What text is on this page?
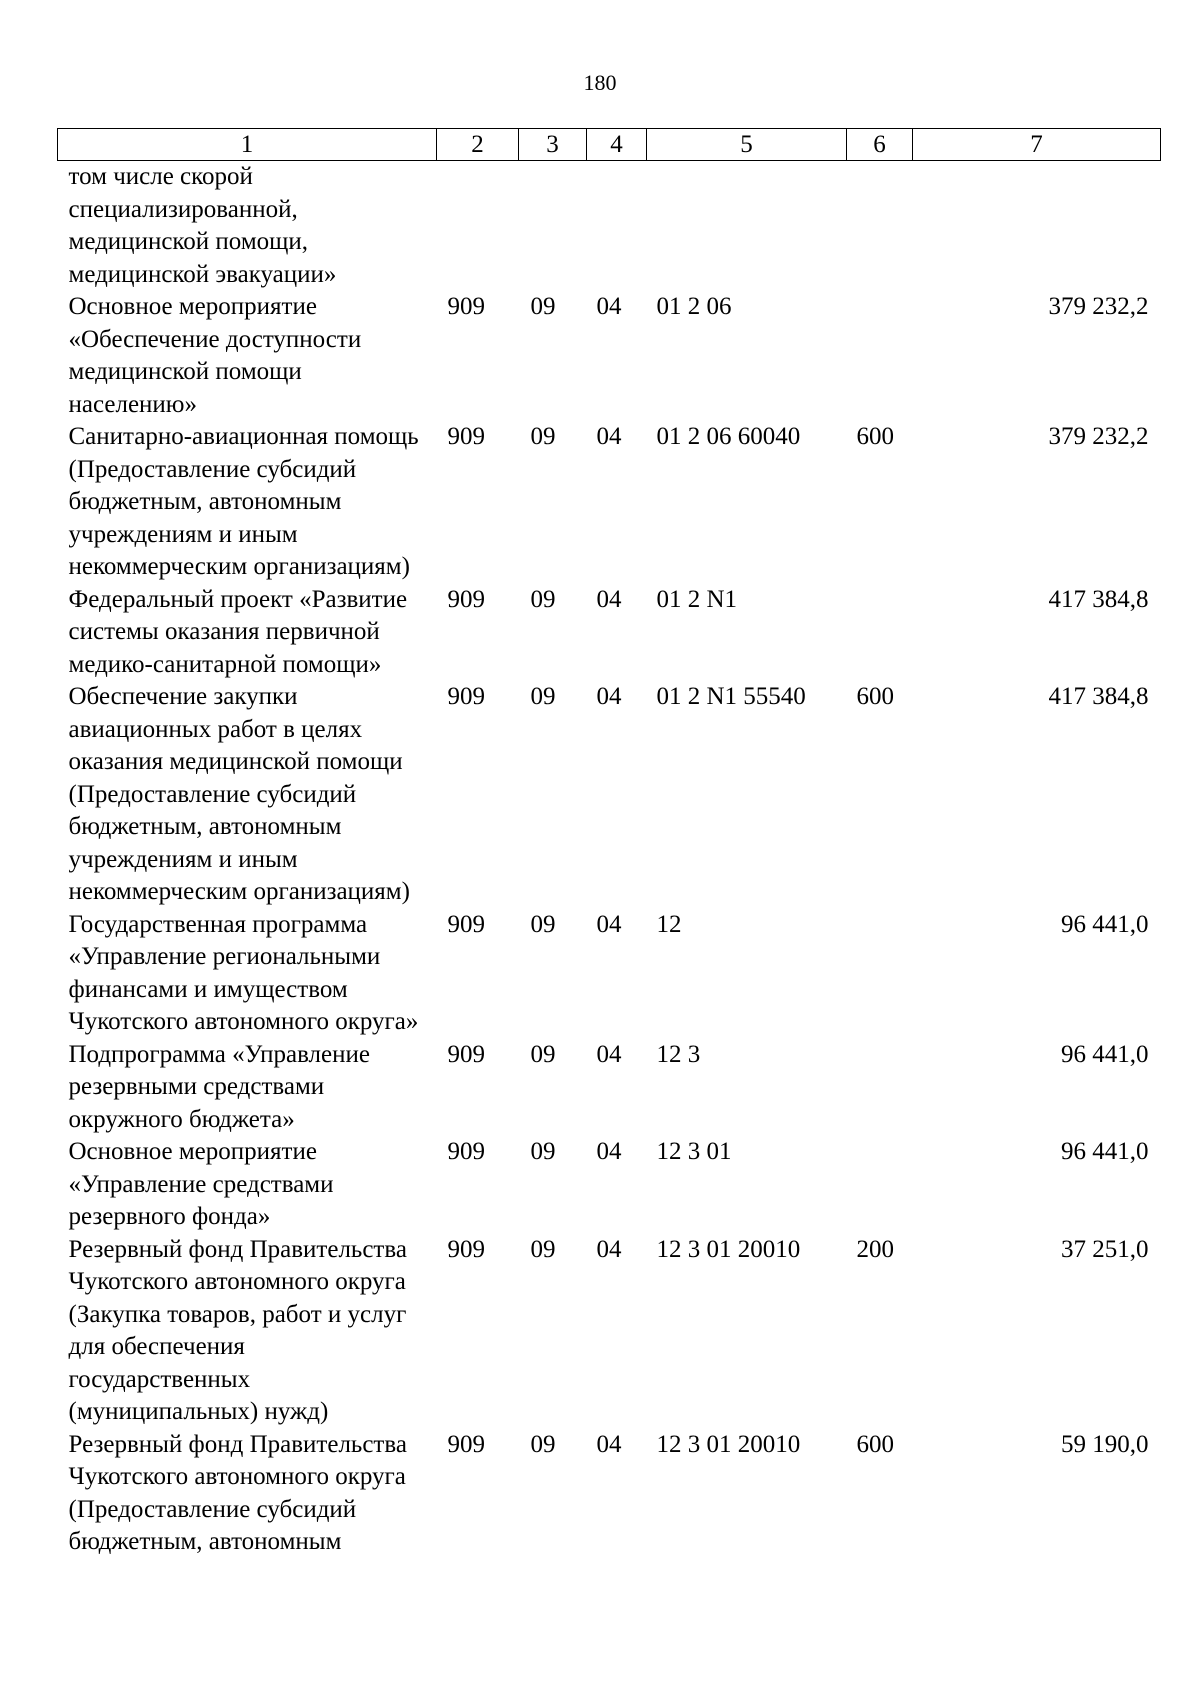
180
1	2	3	4	5	6	7
том числе скорой специализированной, медицинской помощи, медицинской эвакуации»						
Основное мероприятие «Обеспечение доступности медицинской помощи населению»	909	09	04	01 2 06		379 232,2
Санитарно-авиационная помощь (Предоставление субсидий бюджетным, автономным учреждениям и иным некоммерческим организациям)	909	09	04	01 2 06 60040	600	379 232,2
Федеральный проект «Развитие системы оказания первичной медико-санитарной помощи»	909	09	04	01 2 N1		417 384,8
Обеспечение закупки авиационных работ в целях оказания медицинской помощи (Предоставление субсидий бюджетным, автономным учреждениям и иным некоммерческим организациям)	909	09	04	01 2 N1 55540	600	417 384,8
Государственная программа «Управление региональными финансами и имуществом Чукотского автономного округа»	909	09	04	12		96 441,0
Подпрограмма «Управление резервными средствами окружного бюджета»	909	09	04	12 3		96 441,0
Основное мероприятие «Управление средствами резервного фонда»	909	09	04	12 3 01		96 441,0
Резервный фонд Правительства Чукотского автономного округа (Закупка товаров, работ и услуг для обеспечения государственных (муниципальных) нужд)	909	09	04	12 3 01 20010	200	37 251,0
Резервный фонд Правительства Чукотского автономного округа (Предоставление субсидий бюджетным, автономным	909	09	04	12 3 01 20010	600	59 190,0
